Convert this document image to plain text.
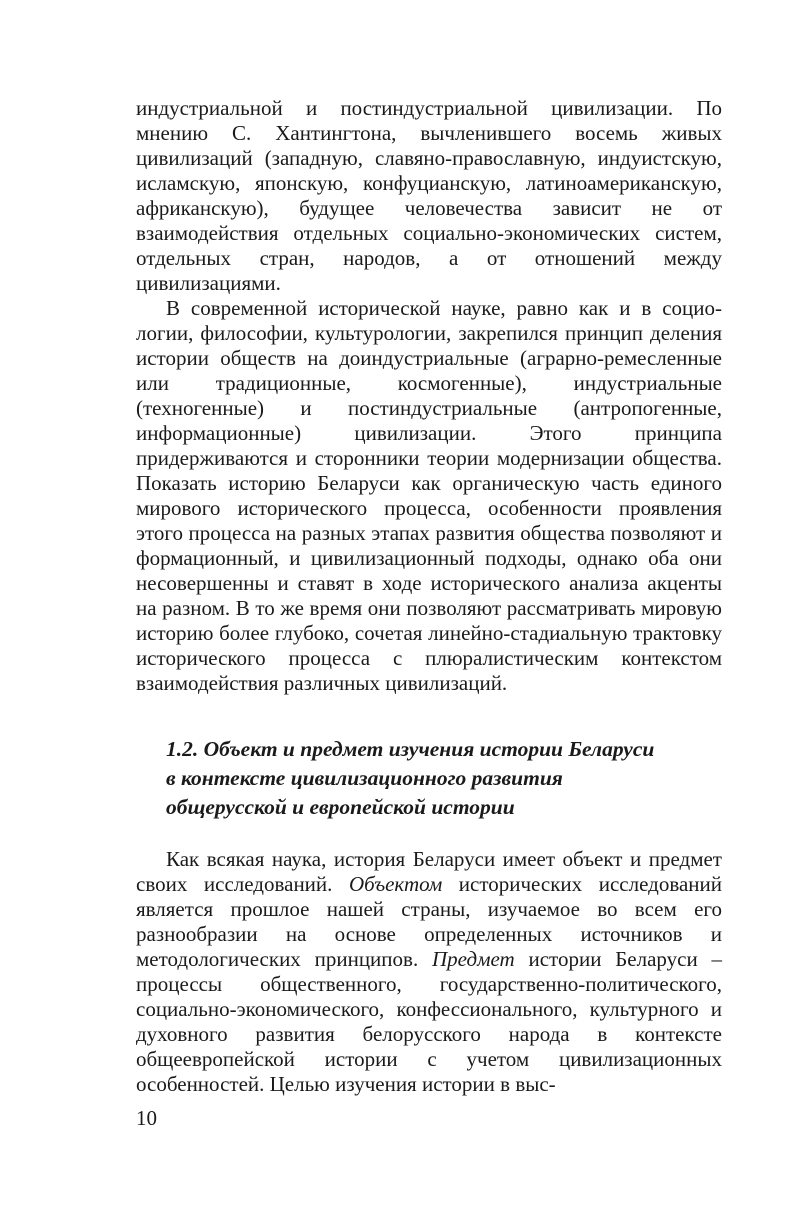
индустриальной и постиндустриальной цивилизации. По мнению С. Хантингтона, вычленившего восемь живых цивилизаций (западную, славяно-православную, индуистскую, исламскую, японскую, конфуцианскую, латиноамериканскую, африканскую), будущее человечества зависит не от взаимодействия отдельных социально-экономических систем, отдельных стран, народов, а от отношений между цивилизациями.

В современной исторической науке, равно как и в социологии, философии, культурологии, закрепился принцип деления истории обществ на доиндустриальные (аграрно-ремесленные или традиционные, космогенные), индустриальные (техногенные) и постиндустриальные (антропогенные, информационные) цивилизации. Этого принципа придерживаются и сторонники теории модернизации общества. Показать историю Беларуси как органическую часть единого мирового исторического процесса, особенности проявления этого процесса на разных этапах развития общества позволяют и формационный, и цивилизационный подходы, однако оба они несовершенны и ставят в ходе исторического анализа акценты на разном. В то же время они позволяют рассматривать мировую историю более глубоко, сочетая линейно-стадиальную трактовку исторического процесса с плюралистическим контекстом взаимодействия различных цивилизаций.

1.2. Объект и предмет изучения истории Беларуси
в контексте цивилизационного развития
общерусской и европейской истории

Как всякая наука, история Беларуси имеет объект и предмет своих исследований. Объектом исторических исследований является прошлое нашей страны, изучаемое во всем его разнообразии на основе определенных источников и методологических принципов. Предмет истории Беларуси – процессы общественного, государственно-политического, социально-экономического, конфессионального, культурного и духовного развития белорусского народа в контексте общеевропейской истории с учетом цивилизационных особенностей. Целью изучения истории в выс-

10
